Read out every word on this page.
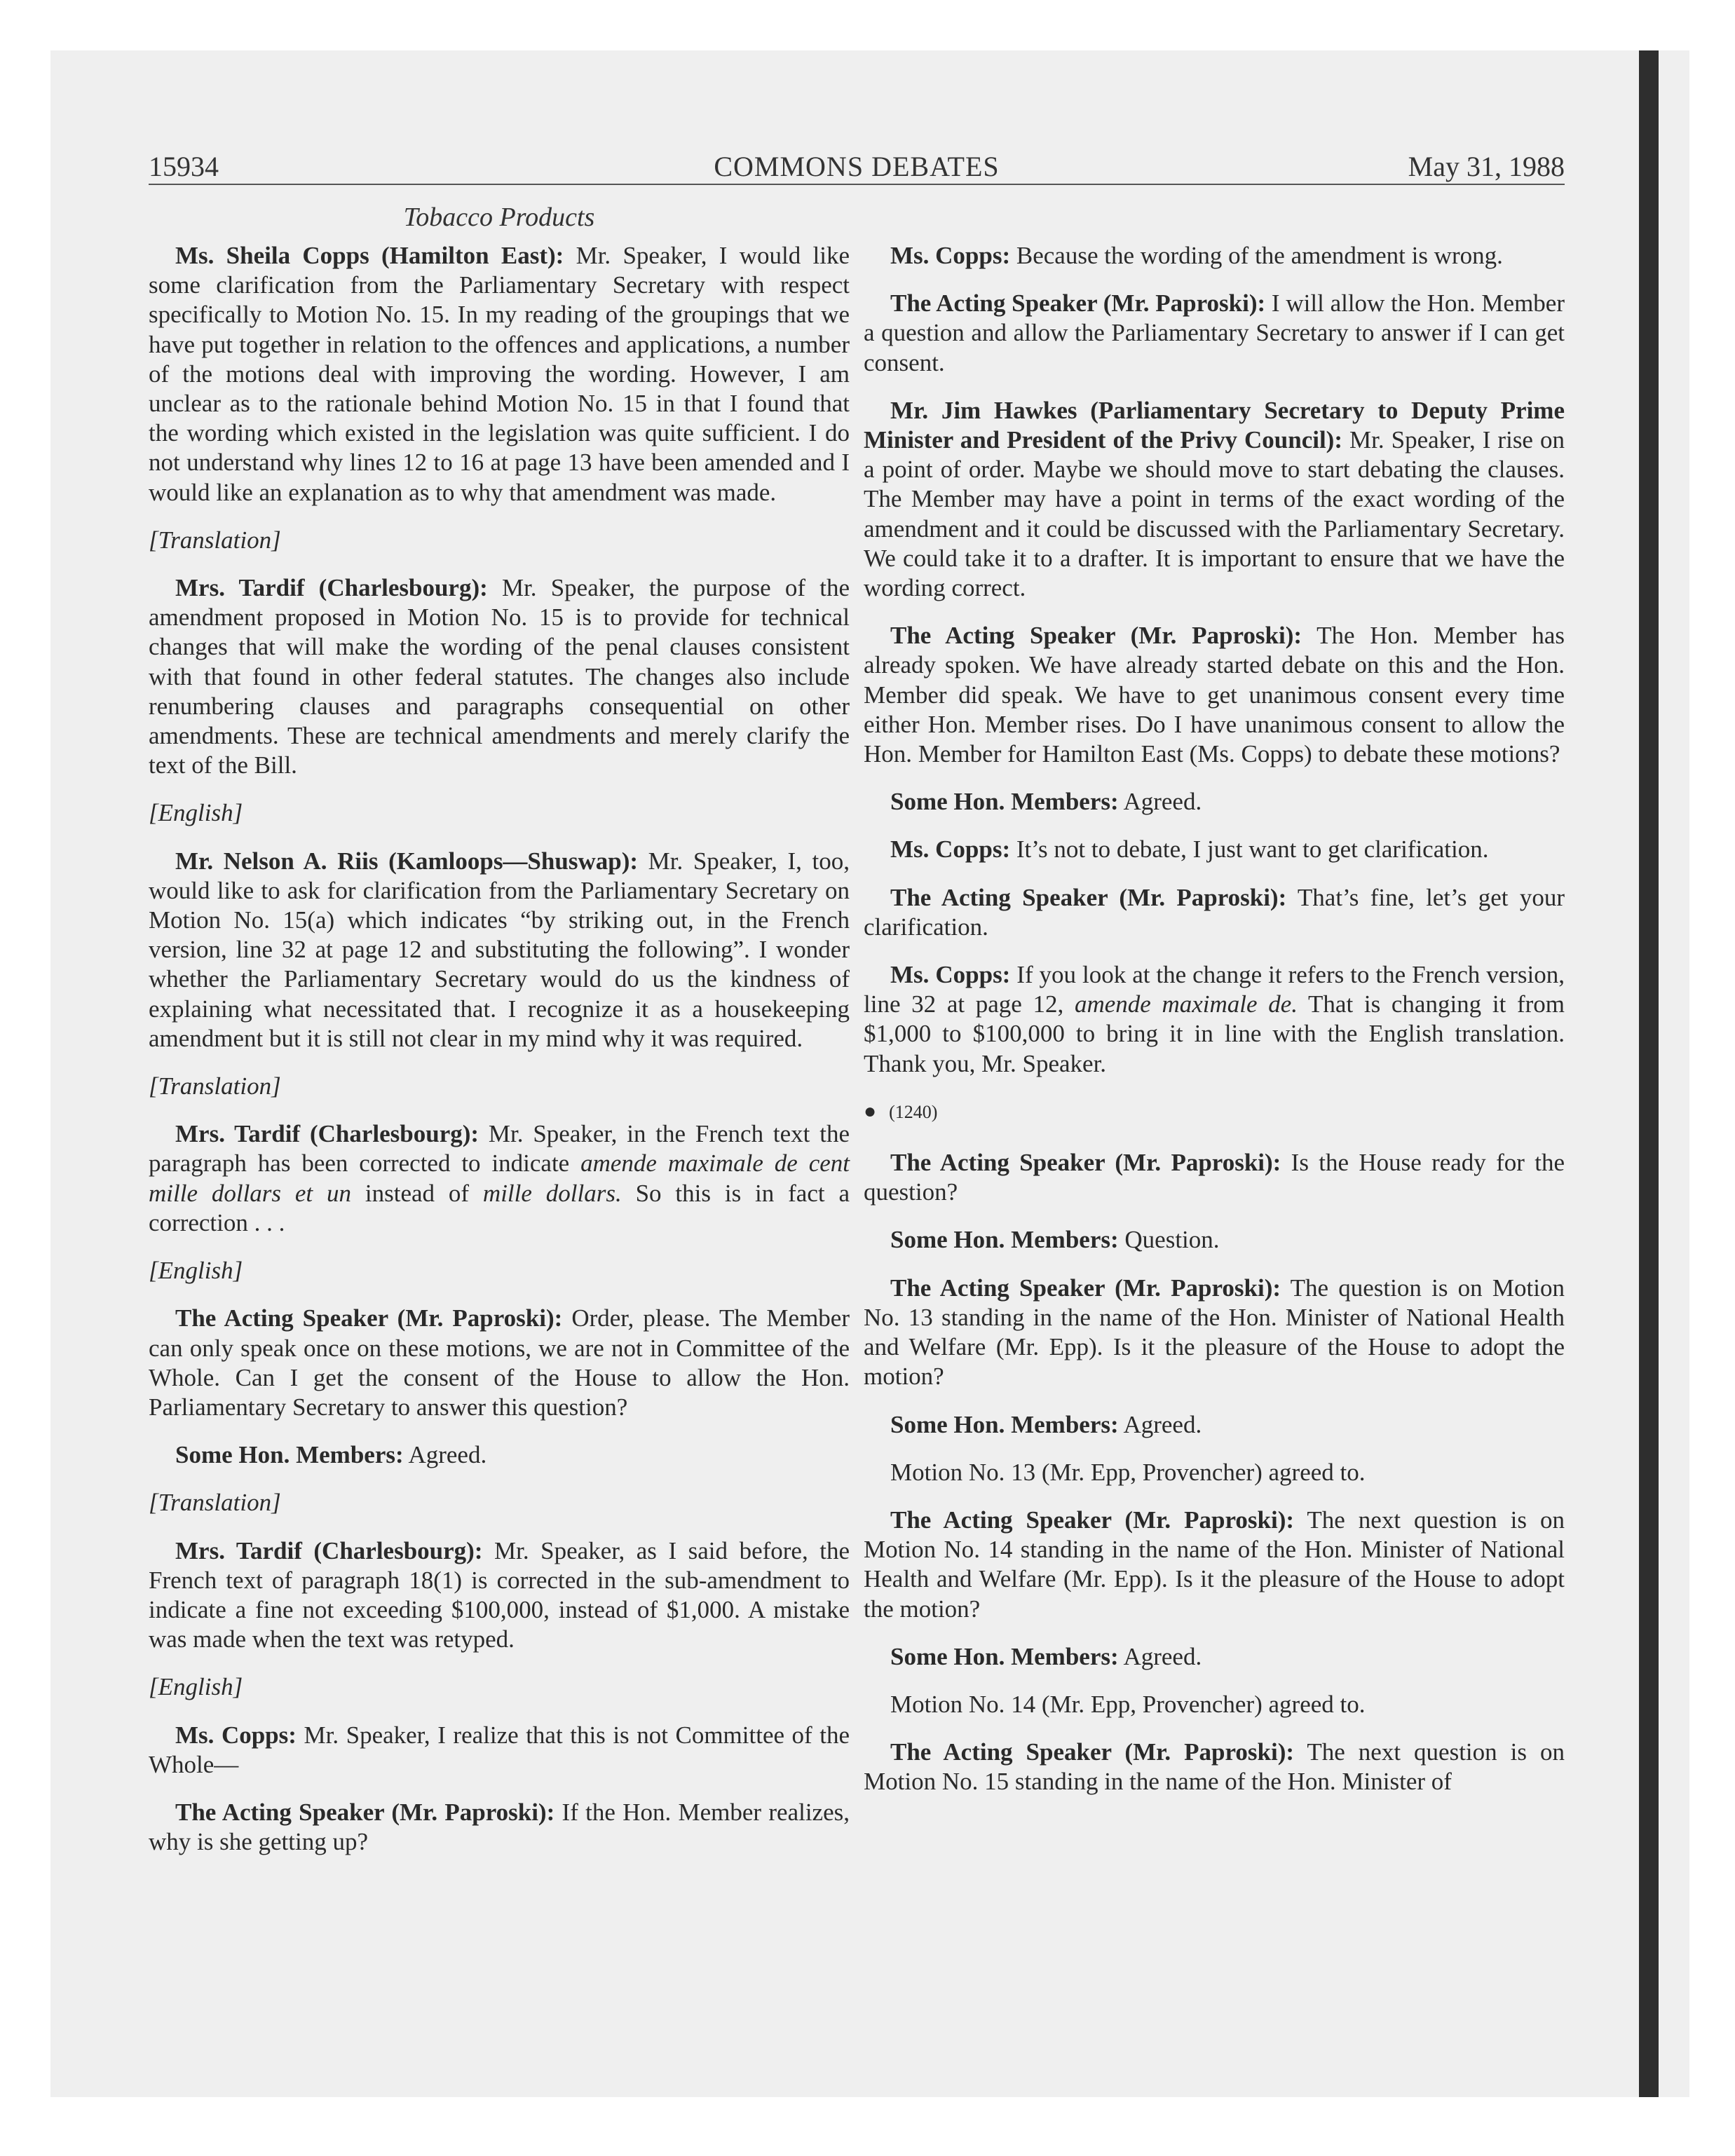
15934	COMMONS DEBATES	May 31, 1988
Tobacco Products

Ms. Sheila Copps (Hamilton East): Mr. Speaker, I would like some clarification from the Parliamentary Secretary with respect specifically to Motion No. 15. In my reading of the groupings that we have put together in relation to the offences and applications, a number of the motions deal with improving the wording. However, I am unclear as to the rationale behind Motion No. 15 in that I found that the wording which existed in the legislation was quite sufficient. I do not understand why lines 12 to 16 at page 13 have been amended and I would like an explanation as to why that amendment was made.

[Translation]

Mrs. Tardif (Charlesbourg): Mr. Speaker, the purpose of the amendment proposed in Motion No. 15 is to provide for technical changes that will make the wording of the penal clauses consistent with that found in other federal statutes. The changes also include renumbering clauses and paragraphs consequential on other amendments. These are technical amendments and merely clarify the text of the Bill.

[English]

Mr. Nelson A. Riis (Kamloops—Shuswap): Mr. Speaker, I, too, would like to ask for clarification from the Parliamentary Secretary on Motion No. 15(a) which indicates “by striking out, in the French version, line 32 at page 12 and substituting the following”. I wonder whether the Parliamentary Secretary would do us the kindness of explaining what necessitated that. I recognize it as a housekeeping amendment but it is still not clear in my mind why it was required.

[Translation]

Mrs. Tardif (Charlesbourg): Mr. Speaker, in the French text the paragraph has been corrected to indicate amende maximale de cent mille dollars et un instead of mille dollars. So this is in fact a correction . . .

[English]

The Acting Speaker (Mr. Paproski): Order, please. The Member can only speak once on these motions, we are not in Committee of the Whole. Can I get the consent of the House to allow the Hon. Parliamentary Secretary to answer this question?

Some Hon. Members: Agreed.

[Translation]

Mrs. Tardif (Charlesbourg): Mr. Speaker, as I said before, the French text of paragraph 18(1) is corrected in the sub-amendment to indicate a fine not exceeding $100,000, instead of $1,000. A mistake was made when the text was retyped.

[English]

Ms. Copps: Mr. Speaker, I realize that this is not Committee of the Whole—

The Acting Speaker (Mr. Paproski): If the Hon. Member realizes, why is she getting up?

Ms. Copps: Because the wording of the amendment is wrong.

The Acting Speaker (Mr. Paproski): I will allow the Hon. Member a question and allow the Parliamentary Secretary to answer if I can get consent.

Mr. Jim Hawkes (Parliamentary Secretary to Deputy Prime Minister and President of the Privy Council): Mr. Speaker, I rise on a point of order. Maybe we should move to start debating the clauses. The Member may have a point in terms of the exact wording of the amendment and it could be discussed with the Parliamentary Secretary. We could take it to a drafter. It is important to ensure that we have the wording correct.

The Acting Speaker (Mr. Paproski): The Hon. Member has already spoken. We have already started debate on this and the Hon. Member did speak. We have to get unanimous consent every time either Hon. Member rises. Do I have unanimous consent to allow the Hon. Member for Hamilton East (Ms. Copps) to debate these motions?

Some Hon. Members: Agreed.

Ms. Copps: It’s not to debate, I just want to get clarification.

The Acting Speaker (Mr. Paproski): That’s fine, let’s get your clarification.

Ms. Copps: If you look at the change it refers to the French version, line 32 at page 12, amende maximale de. That is changing it from $1,000 to $100,000 to bring it in line with the English translation. Thank you, Mr. Speaker.

● (1240)

The Acting Speaker (Mr. Paproski): Is the House ready for the question?

Some Hon. Members: Question.

The Acting Speaker (Mr. Paproski): The question is on Motion No. 13 standing in the name of the Hon. Minister of National Health and Welfare (Mr. Epp). Is it the pleasure of the House to adopt the motion?

Some Hon. Members: Agreed.

Motion No. 13 (Mr. Epp, Provencher) agreed to.

The Acting Speaker (Mr. Paproski): The next question is on Motion No. 14 standing in the name of the Hon. Minister of National Health and Welfare (Mr. Epp). Is it the pleasure of the House to adopt the motion?

Some Hon. Members: Agreed.

Motion No. 14 (Mr. Epp, Provencher) agreed to.

The Acting Speaker (Mr. Paproski): The next question is on Motion No. 15 standing in the name of the Hon. Minister of
